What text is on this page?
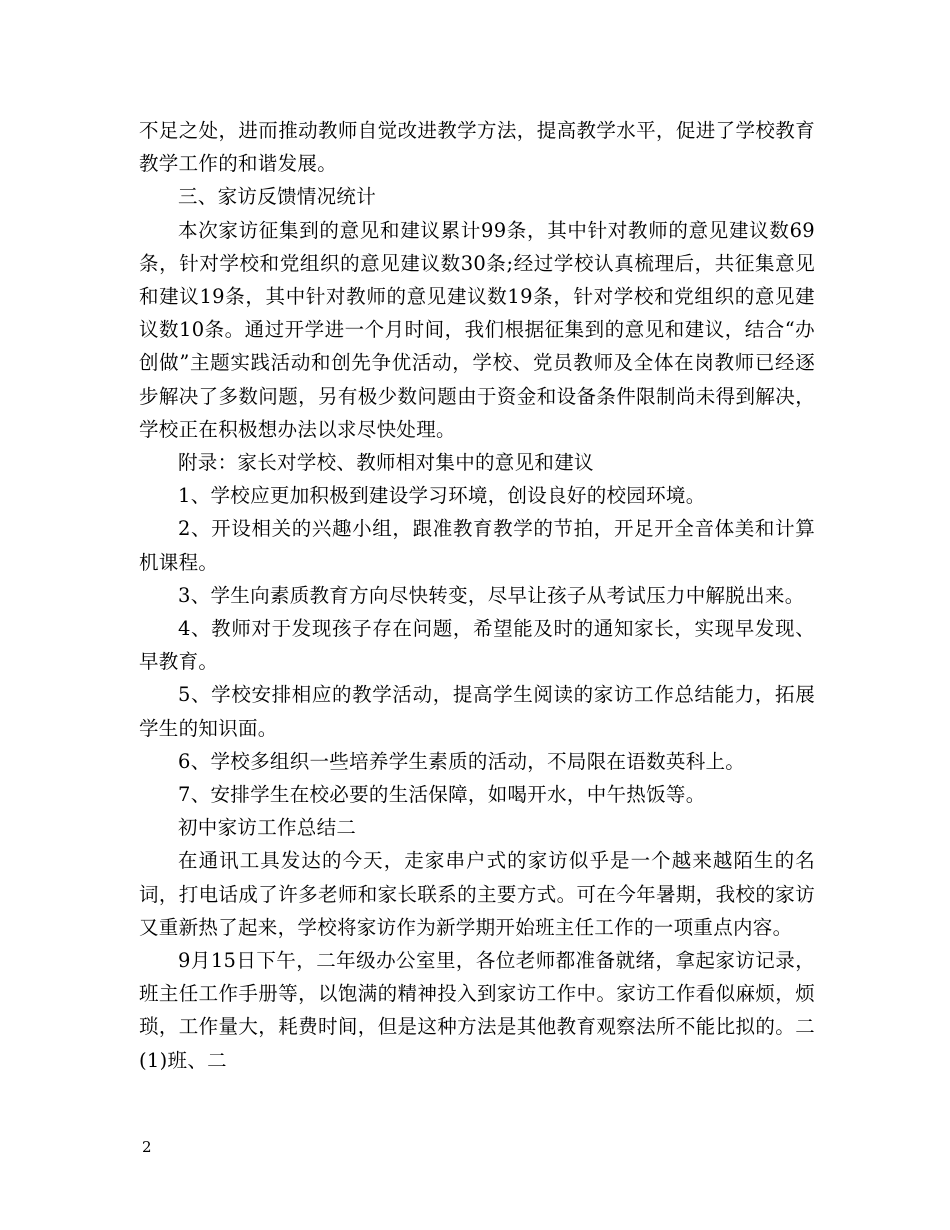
不足之处，进而推动教师自觉改进教学方法，提高教学水平，促进了学校教育教学工作的和谐发展。

三、家访反馈情况统计

本次家访征集到的意见和建议累计99条，其中针对教师的意见建议数69条，针对学校和党组织的意见建议数30条;经过学校认真梳理后，共征集意见和建议19条，其中针对教师的意见建议数19条，针对学校和党组织的意见建议数10条。通过开学进一个月时间，我们根据征集到的意见和建议，结合“办创做”主题实践活动和创先争优活动，学校、党员教师及全体在岗教师已经逐步解决了多数问题，另有极少数问题由于资金和设备条件限制尚未得到解决，学校正在积极想办法以求尽快处理。

附录：家长对学校、教师相对集中的意见和建议

1、学校应更加积极到建设学习环境，创设良好的校园环境。

2、开设相关的兴趣小组，跟准教育教学的节拍，开足开全音体美和计算机课程。

3、学生向素质教育方向尽快转变，尽早让孩子从考试压力中解脱出来。

4、教师对于发现孩子存在问题，希望能及时的通知家长，实现早发现、早教育。

5、学校安排相应的教学活动，提高学生阅读的家访工作总结能力，拓展学生的知识面。

6、学校多组织一些培养学生素质的活动，不局限在语数英科上。

7、安排学生在校必要的生活保障，如喝开水，中午热饭等。

初中家访工作总结二

在通讯工具发达的今天，走家串户式的家访似乎是一个越来越陌生的名词，打电话成了许多老师和家长联系的主要方式。可在今年暑期，我校的家访又重新热了起来，学校将家访作为新学期开始班主任工作的一项重点内容。

9月15日下午，二年级办公室里，各位老师都准备就绪，拿起家访记录，班主任工作手册等，以饱满的精神投入到家访工作中。家访工作看似麻烦，烦琐，工作量大，耗费时间，但是这种方法是其他教育观察法所不能比拟的。二(1)班、二

2
